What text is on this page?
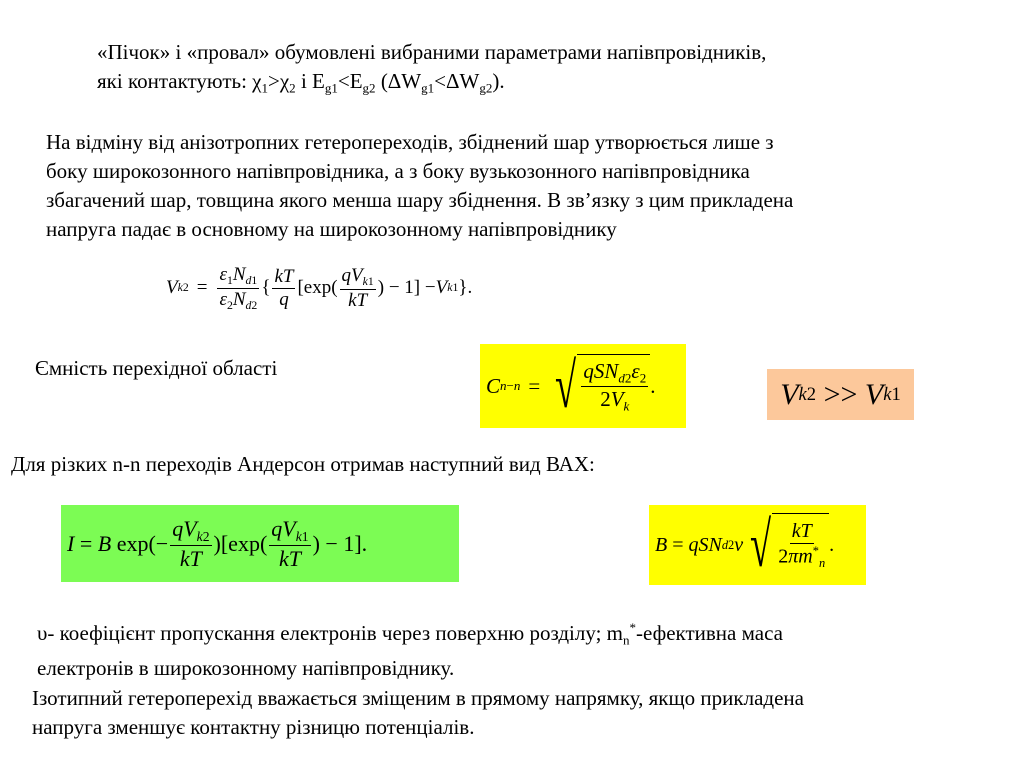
«Пічок» і «провал» обумовлені вибраними параметрами напівпровідників,
які контактують: $\chi_1>\chi_2$ і $E_{g1}<E_{g2}$ $(\Delta W_{g1}<\Delta W_{g2})$.
На відміну від анізотропних гетеропереходів, збіднений шар утворюється лише з
боку широкозонного напівпровідника, а з боку вузькозонного напівпровідника
збагачений шар, товщина якого менша шару збіднення. В зв’язку з цим прикладена
напруга падає в основному на широкозонному напівпровіднику
V k $2 = \frac{\varepsilon_1N_{d1}}{\varepsilon_2N_{d2}}$ { $\frac{kT}{q} [\exp( \frac{qV_{k1}}{kT}$ ) − 1] − V k 1 }.
Ємність перехідної області
C n − n = √ $\frac{qSN_{d2}\varepsilon_2}{2V_k}$ .	V k 2 >> V k 1
Для різких n-n переходів Андерсон отримав наступний вид ВАХ:
I = B $\exp(- \frac{qV_{k2}}{kT} )[\exp( \frac{qV_{k1}}{kT}$ ) − 1].	B = qSN d 2 ν √ $\frac{kT}{2\pi m^*_n}$ .
υ- коефіцієнт пропускання електронів через поверхню розділу; $m_n^*$-ефективна маса
електронів в широкозонному напівпровіднику.
Ізотипний гетероперехід вважається зміщеним в прямому напрямку, якщо прикладена
напруга зменшує контактну різницю потенціалів.
